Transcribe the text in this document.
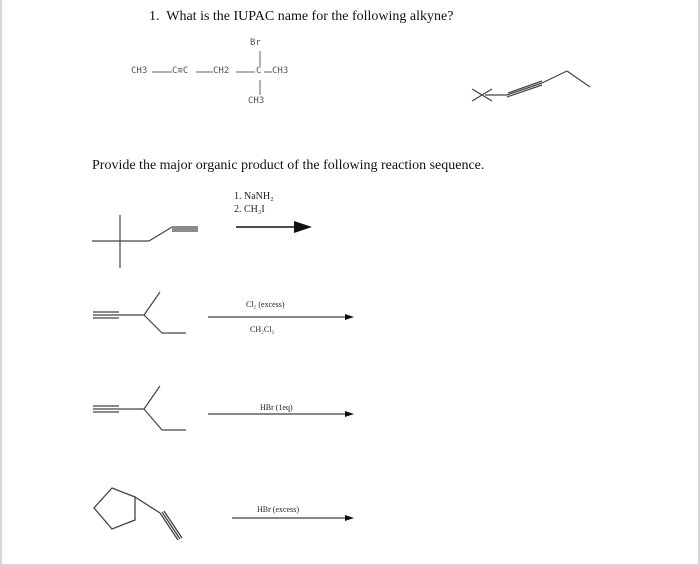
1. What is the IUPAC name for the following alkyne?
CH3	C≡C	CH2	C CH3
Br
CH3
Provide the major organic product of the following reaction sequence.
1. NaNH₂
2. CH₃I
Cl₂ (excess)
CH₂Cl₂
HBr (1eq)
HBr (excess)
